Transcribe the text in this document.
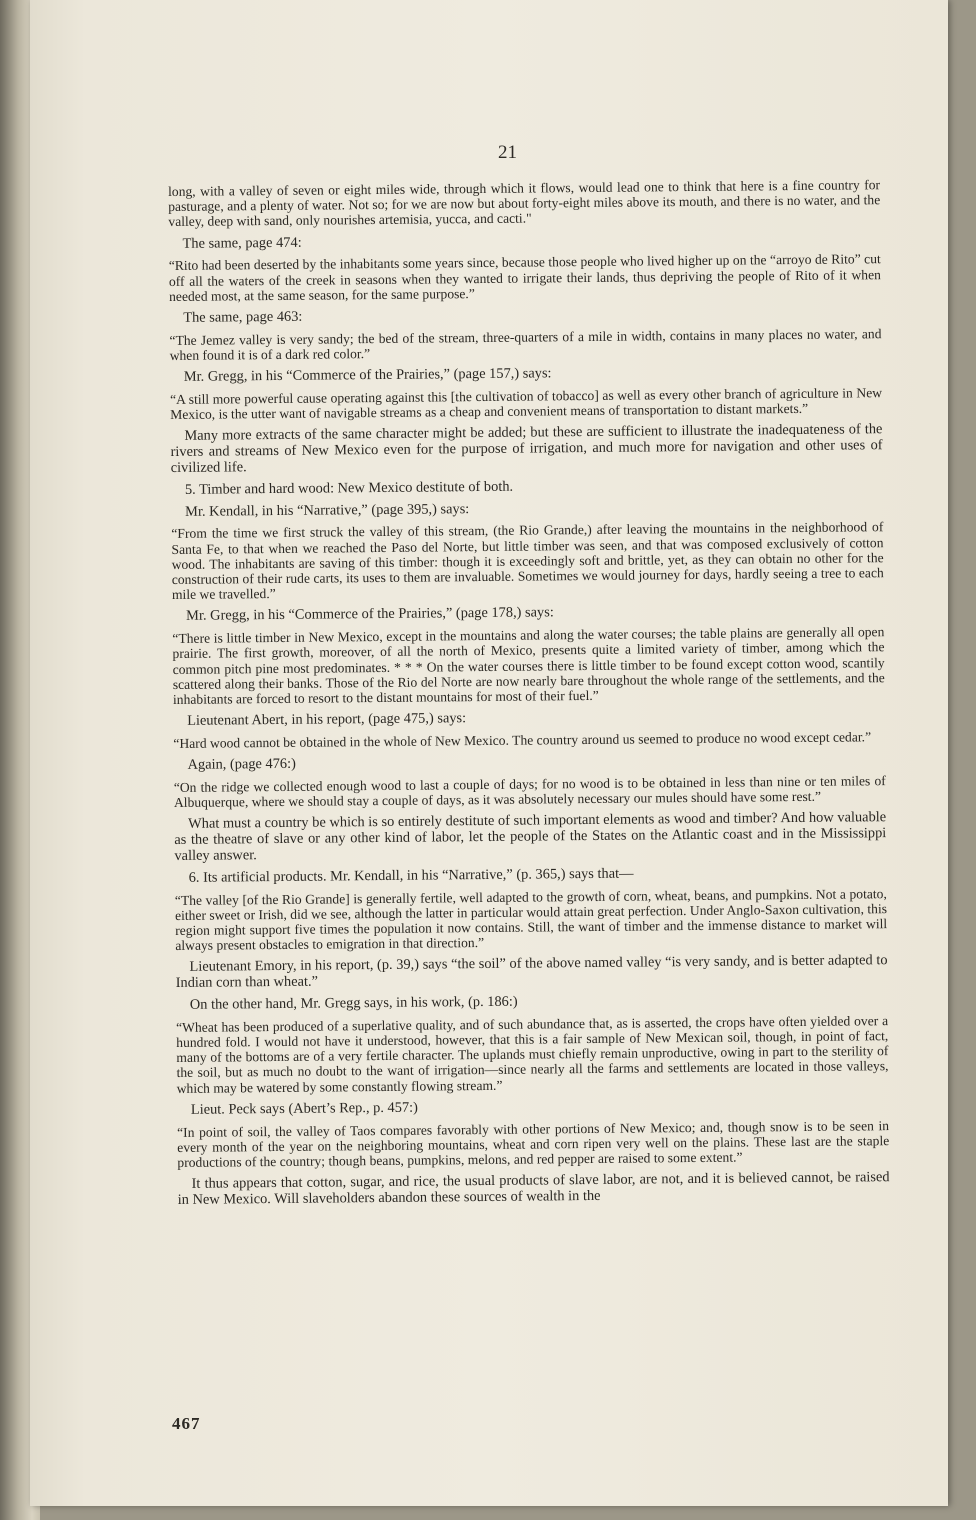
21

long, with a valley of seven or eight miles wide, through which it flows, would lead one to think that here is a fine country for pasturage, and a plenty of water. Not so; for we are now but about forty-eight miles above its mouth, and there is no water, and the valley, deep with sand, only nourishes artemisia, yucca, and cacti."

The same, page 474:

“Rito had been deserted by the inhabitants some years since, because those people who lived higher up on the “arroyo de Rito” cut off all the waters of the creek in seasons when they wanted to irrigate their lands, thus depriving the people of Rito of it when needed most, at the same season, for the same purpose.”

The same, page 463:

“The Jemez valley is very sandy; the bed of the stream, three-quarters of a mile in width, contains in many places no water, and when found it is of a dark red color.”

Mr. Gregg, in his “Commerce of the Prairies,” (page 157,) says:

“A still more powerful cause operating against this [the cultivation of tobacco] as well as every other branch of agriculture in New Mexico, is the utter want of navigable streams as a cheap and convenient means of transportation to distant markets.”

Many more extracts of the same character might be added; but these are sufficient to illustrate the inadequateness of the rivers and streams of New Mexico even for the purpose of irrigation, and much more for navigation and other uses of civilized life.

5. Timber and hard wood: New Mexico destitute of both.

Mr. Kendall, in his “Narrative,” (page 395,) says:

“From the time we first struck the valley of this stream, (the Rio Grande,) after leaving the mountains in the neighborhood of Santa Fe, to that when we reached the Paso del Norte, but little timber was seen, and that was composed exclusively of cotton wood. The inhabitants are saving of this timber: though it is exceedingly soft and brittle, yet, as they can obtain no other for the construction of their rude carts, its uses to them are invaluable. Sometimes we would journey for days, hardly seeing a tree to each mile we travelled.”

Mr. Gregg, in his “Commerce of the Prairies,” (page 178,) says:

“There is little timber in New Mexico, except in the mountains and along the water courses; the table plains are generally all open prairie. The first growth, moreover, of all the north of Mexico, presents quite a limited variety of timber, among which the common pitch pine most predominates. * * * On the water courses there is little timber to be found except cotton wood, scantily scattered along their banks. Those of the Rio del Norte are now nearly bare throughout the whole range of the settlements, and the inhabitants are forced to resort to the distant mountains for most of their fuel.”

Lieutenant Abert, in his report, (page 475,) says:

“Hard wood cannot be obtained in the whole of New Mexico. The country around us seemed to produce no wood except cedar.”

Again, (page 476:)

“On the ridge we collected enough wood to last a couple of days; for no wood is to be obtained in less than nine or ten miles of Albuquerque, where we should stay a couple of days, as it was absolutely necessary our mules should have some rest.”

What must a country be which is so entirely destitute of such important elements as wood and timber? And how valuable as the theatre of slave or any other kind of labor, let the people of the States on the Atlantic coast and in the Mississippi valley answer.

6. Its artificial products. Mr. Kendall, in his “Narrative,” (p. 365,) says that—

“The valley [of the Rio Grande] is generally fertile, well adapted to the growth of corn, wheat, beans, and pumpkins. Not a potato, either sweet or Irish, did we see, although the latter in particular would attain great perfection. Under Anglo-Saxon cultivation, this region might support five times the population it now contains. Still, the want of timber and the immense distance to market will always present obstacles to emigration in that direction.”

Lieutenant Emory, in his report, (p. 39,) says “the soil” of the above named valley “is very sandy, and is better adapted to Indian corn than wheat.”

On the other hand, Mr. Gregg says, in his work, (p. 186:)

“Wheat has been produced of a superlative quality, and of such abundance that, as is asserted, the crops have often yielded over a hundred fold. I would not have it understood, however, that this is a fair sample of New Mexican soil, though, in point of fact, many of the bottoms are of a very fertile character. The uplands must chiefly remain unproductive, owing in part to the sterility of the soil, but as much no doubt to the want of irrigation—since nearly all the farms and settlements are located in those valleys, which may be watered by some constantly flowing stream.”

Lieut. Peck says (Abert’s Rep., p. 457:)

“In point of soil, the valley of Taos compares favorably with other portions of New Mexico; and, though snow is to be seen in every month of the year on the neighboring mountains, wheat and corn ripen very well on the plains. These last are the staple productions of the country; though beans, pumpkins, melons, and red pepper are raised to some extent.”

It thus appears that cotton, sugar, and rice, the usual products of slave labor, are not, and it is believed cannot, be raised in New Mexico. Will slaveholders abandon these sources of wealth in the

467
